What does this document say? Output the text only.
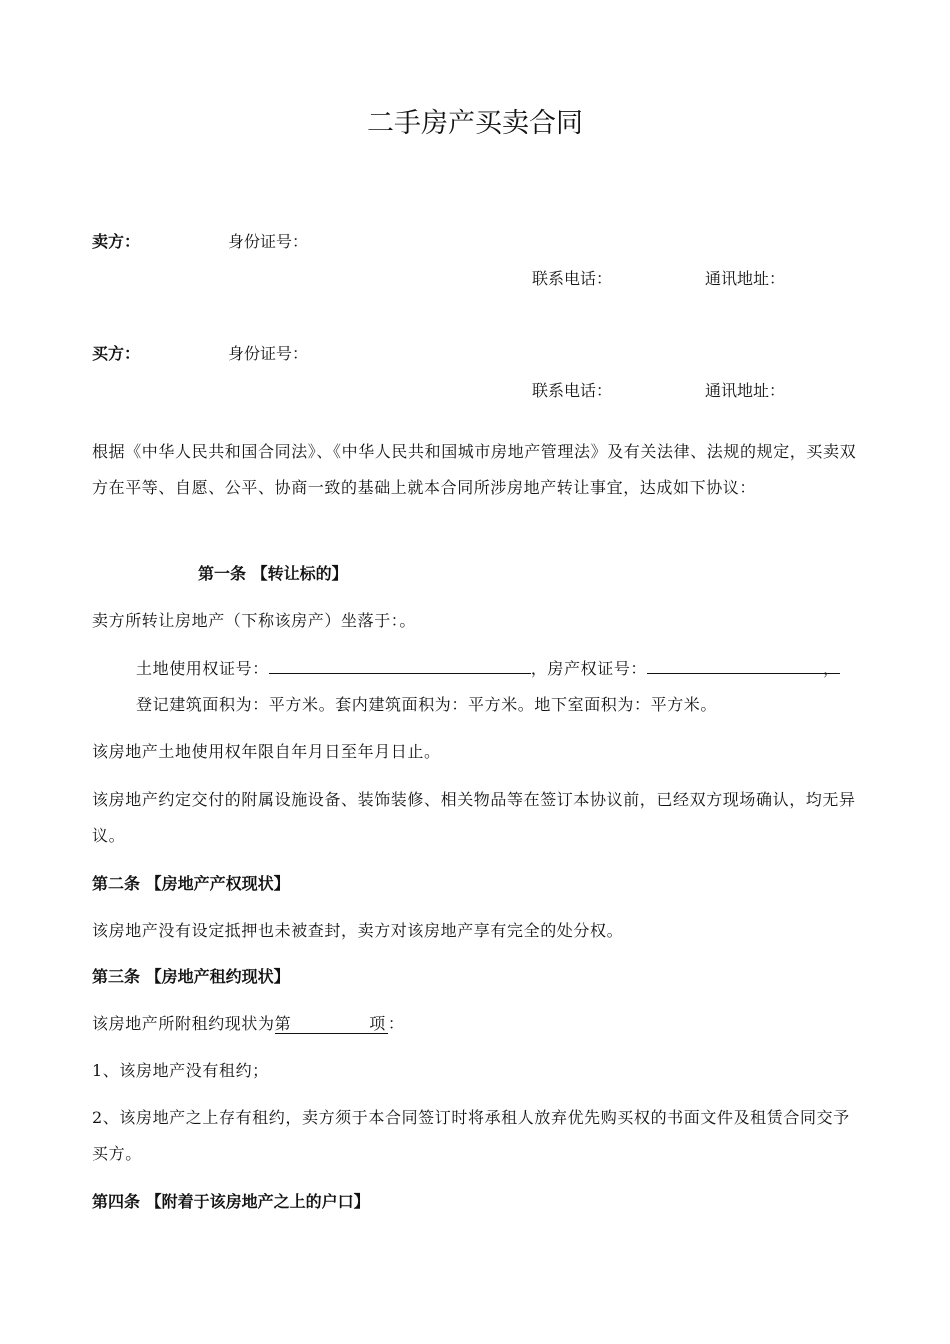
二手房产买卖合同
卖方：	身份证号：
联系电话：	通讯地址：
买方：	身份证号：
联系电话：	通讯地址：
根据《中华人民共和国合同法》、《中华人民共和国城市房地产管理法》及有关法律、法规的规定，买卖双方在平等、自愿、公平、协商一致的基础上就本合同所涉房地产转让事宜，达成如下协议：
第一条 【转让标的】
卖方所转让房地产（下称该房产）坐落于：。
土地使用权证号：	，房产权证号：	，
登记建筑面积为：平方米。套内建筑面积为：平方米。地下室面积为：平方米。
该房地产土地使用权年限自年月日至年月日止。
该房地产约定交付的附属设施设备、装饰装修、相关物品等在签订本协议前，已经双方现场确认，均无异议。
第二条 【房地产产权现状】
该房地产没有设定抵押也未被查封，卖方对该房地产享有完全的处分权。
第三条 【房地产租约现状】
该房地产所附租约现状为第	项 ：
1、该房地产没有租约；
2、该房地产之上存有租约，卖方须于本合同签订时将承租人放弃优先购买权的书面文件及租赁合同交予买方。
第四条 【附着于该房地产之上的户口】
